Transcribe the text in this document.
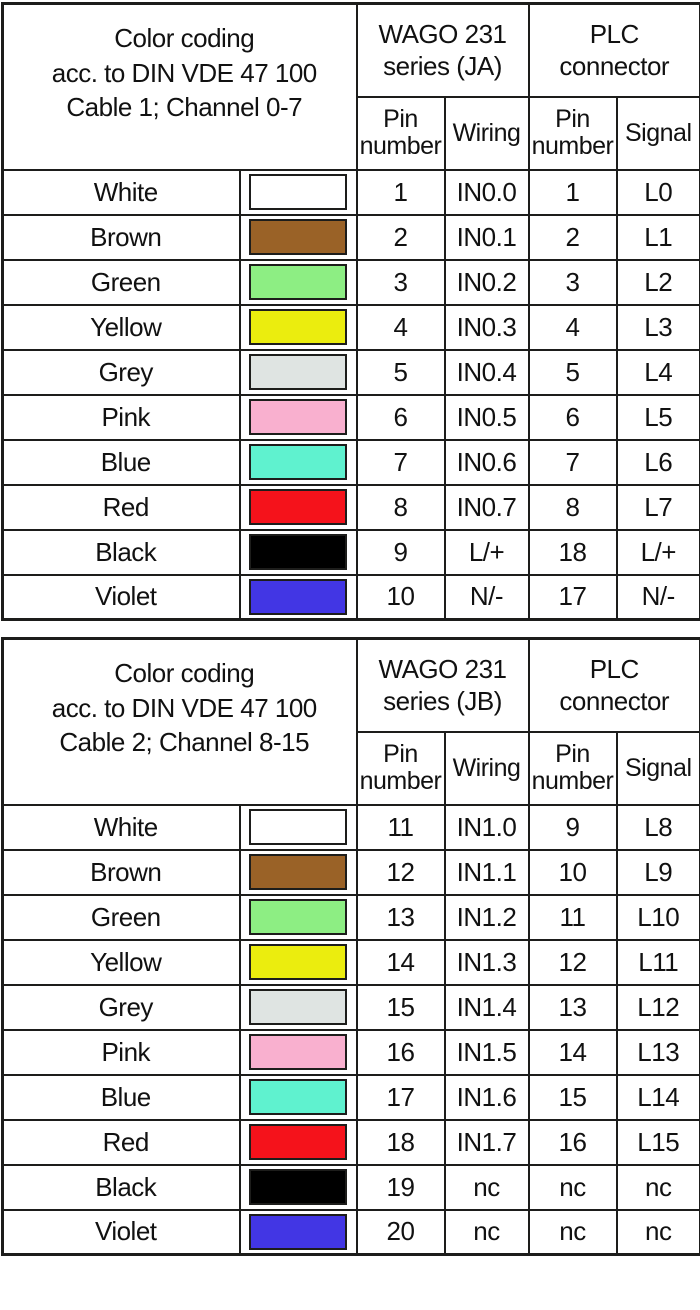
Color coding
acc. to DIN VDE 47 100
Cable 1; Channel 0-7

WAGO 231
series (JA)

PLC
connector

		Pin number	Wiring	Pin number	Signal
White		1	IN0.0	1	L0
Brown		2	IN0.1	2	L1
Green		3	IN0.2	3	L2
Yellow		4	IN0.3	4	L3
Grey		5	IN0.4	5	L4
Pink		6	IN0.5	6	L5
Blue		7	IN0.6	7	L6
Red		8	IN0.7	8	L7
Black		9	L/+	18	L/+
Violet		10	N/-	17	N/-
Color coding
acc. to DIN VDE 47 100
Cable 2; Channel 8-15

WAGO 231
series (JB)

PLC
connector

		Pin number	Wiring	Pin number	Signal
White		11	IN1.0	9	L8
Brown		12	IN1.1	10	L9
Green		13	IN1.2	11	L10
Yellow		14	IN1.3	12	L11
Grey		15	IN1.4	13	L12
Pink		16	IN1.5	14	L13
Blue		17	IN1.6	15	L14
Red		18	IN1.7	16	L15
Black		19	nc	nc	nc
Violet		20	nc	nc	nc
